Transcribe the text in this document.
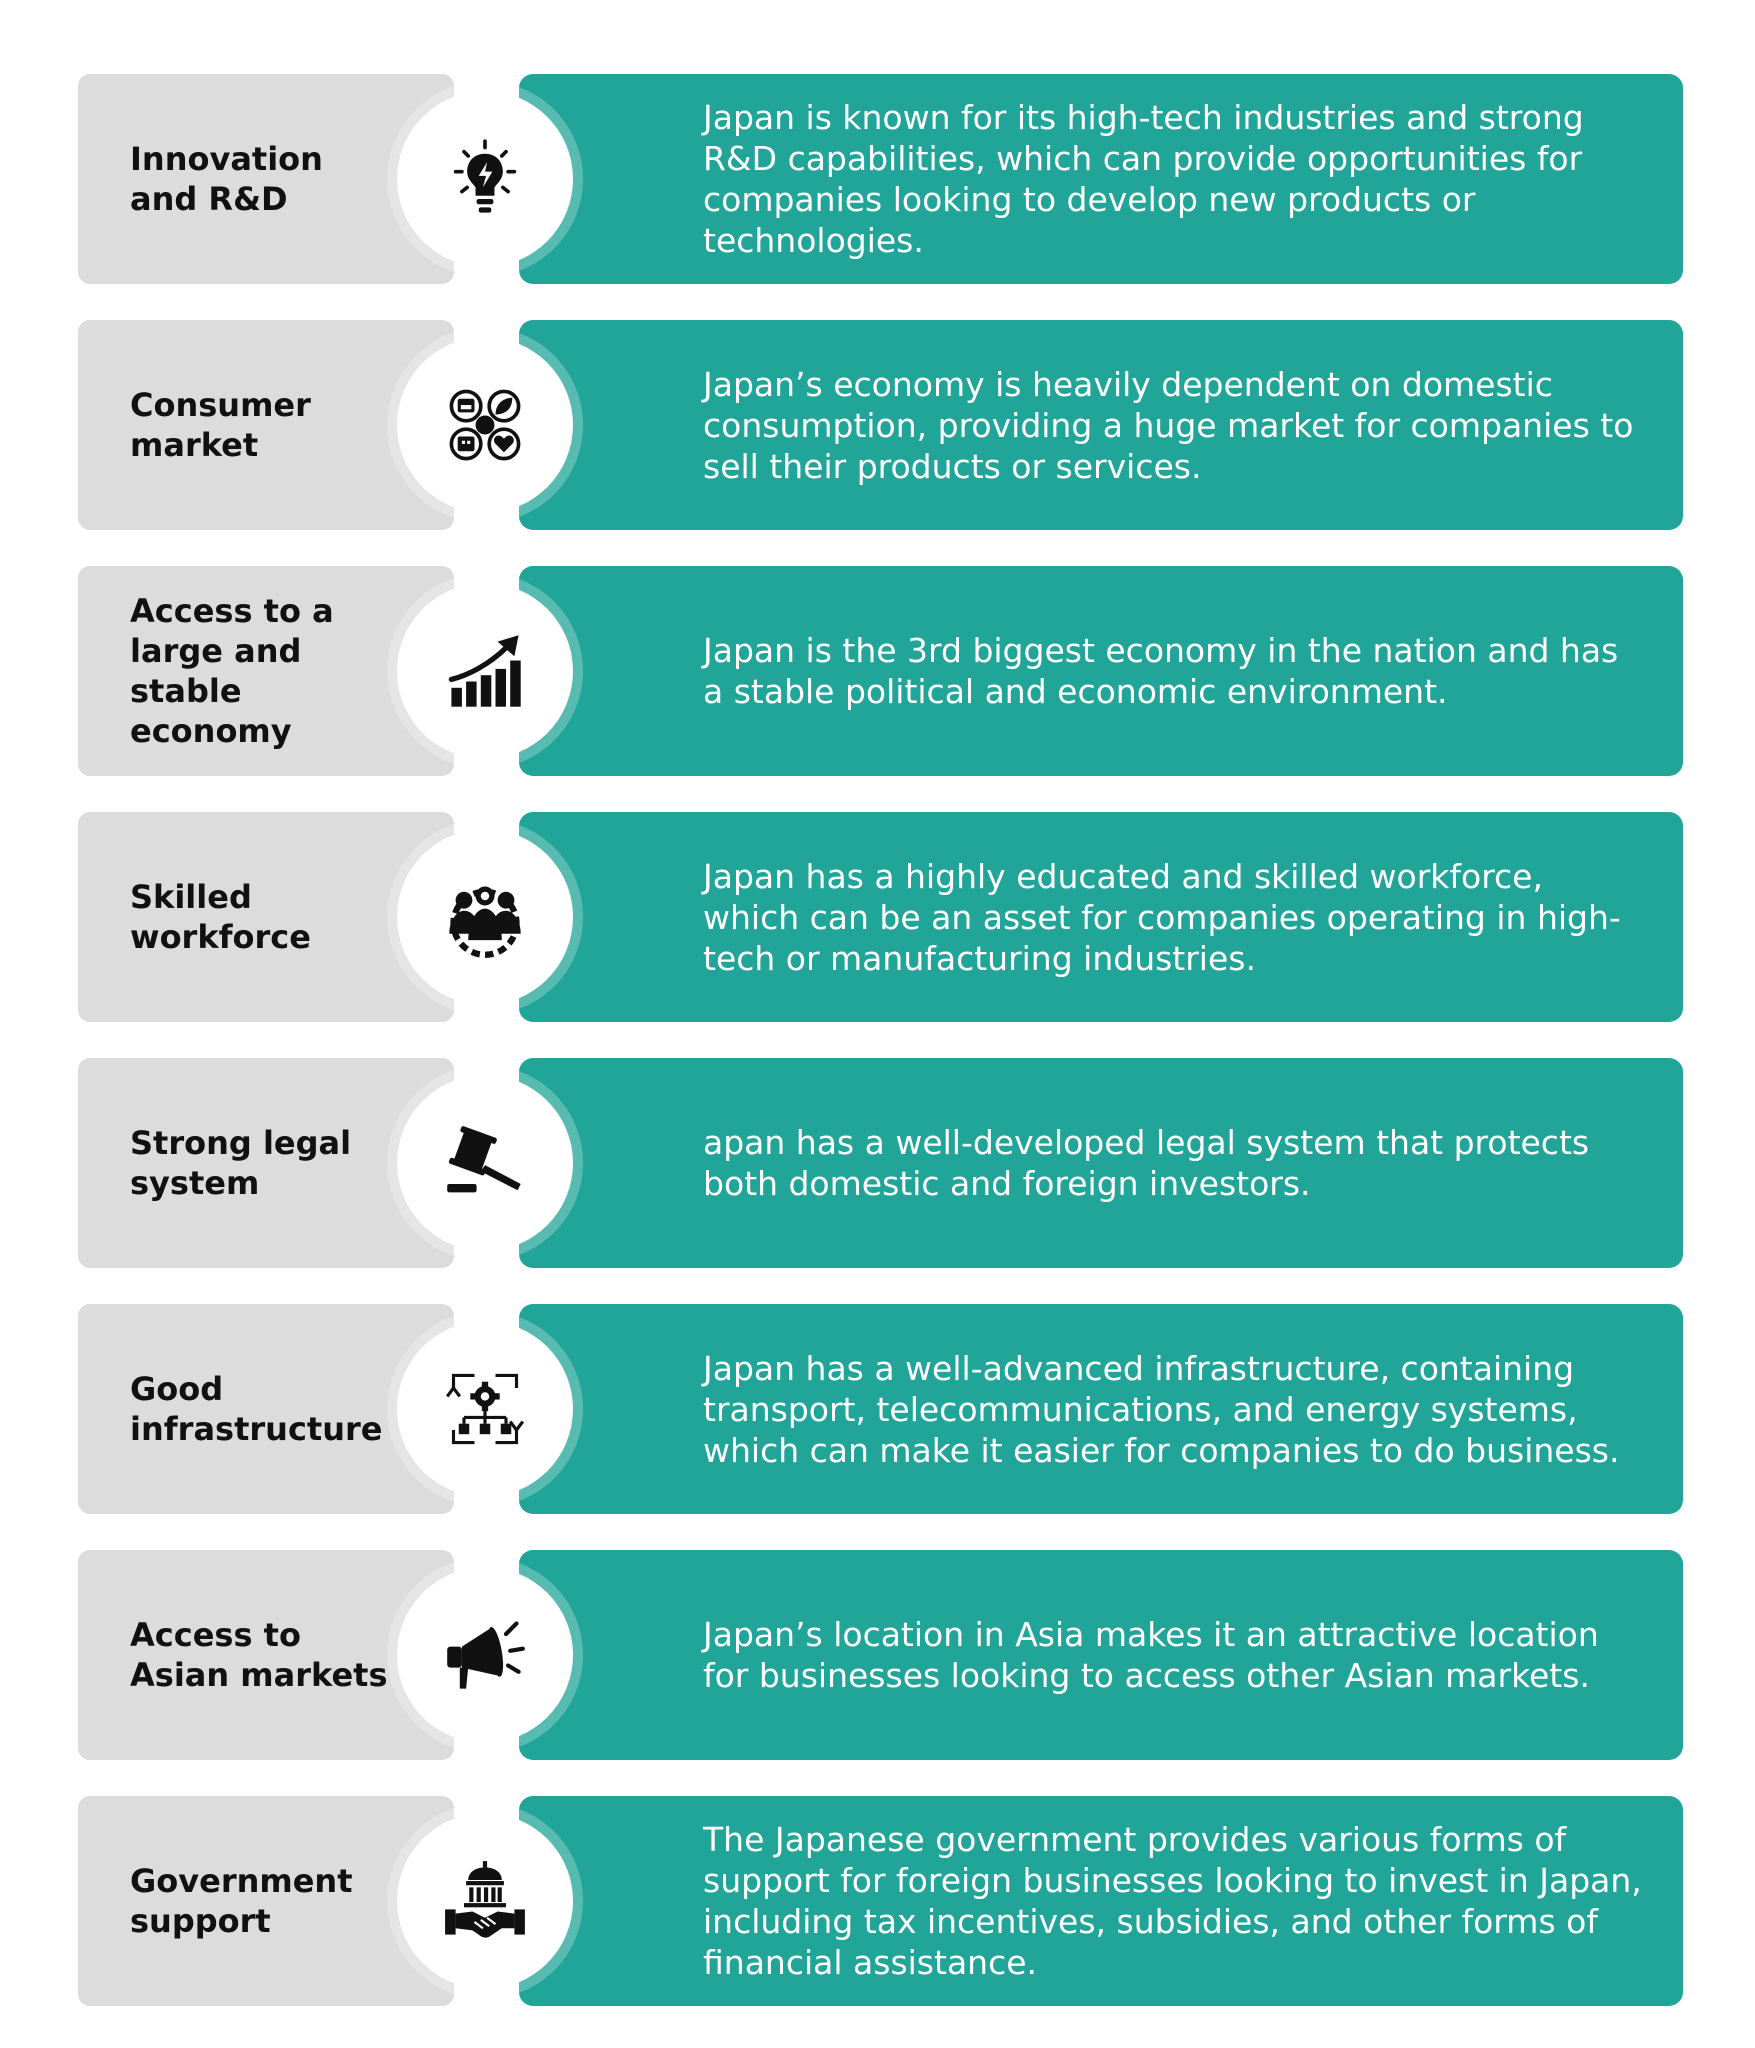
Innovation and R&D
Japan is known for its high-tech industries and strong R&D capabilities, which can provide opportunities for companies looking to develop new products or technologies.
Consumer market
Japan’s economy is heavily dependent on domestic consumption, providing a huge market for companies to sell their products or services.
Access to a large and stable economy
Japan is the 3rd biggest economy in the nation and has a stable political and economic environment.
Skilled workforce
Japan has a highly educated and skilled workforce, which can be an asset for companies operating in high-tech or manufacturing industries.
Strong legal system
apan has a well-developed legal system that protects both domestic and foreign investors.
Good infrastructure
Japan has a well-advanced infrastructure, containing transport, telecommunications, and energy systems, which can make it easier for companies to do business.
Access to Asian markets
Japan’s location in Asia makes it an attractive location for businesses looking to access other Asian markets.
Government support
The Japanese government provides various forms of support for foreign businesses looking to invest in Japan, including tax incentives, subsidies, and other forms of financial assistance.
